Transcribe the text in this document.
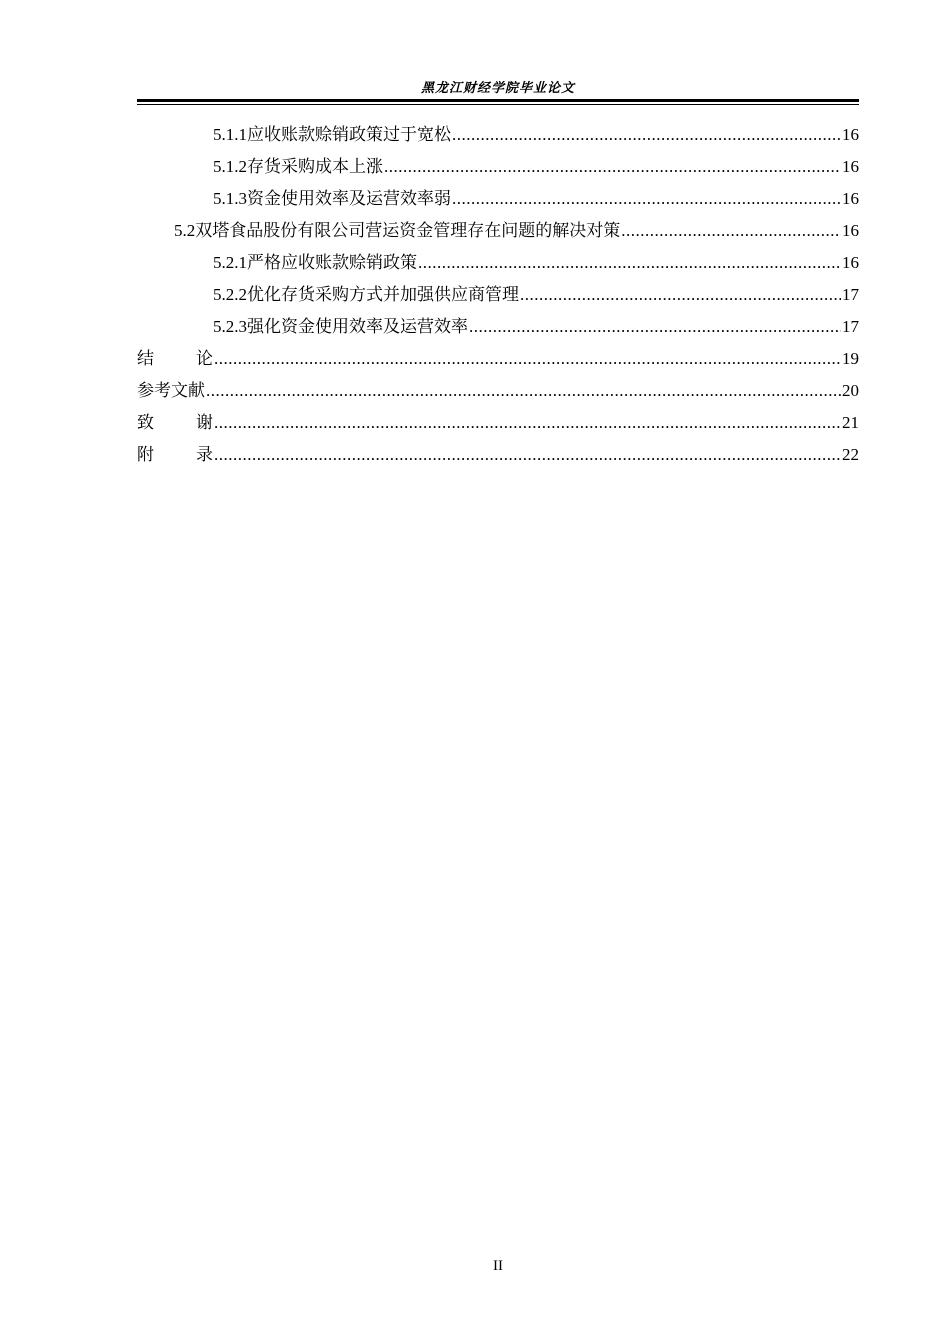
黑龙江财经学院毕业论文
5.1.1 应收账款赊销政策过于宽松 .....	16
5.1.2 存货采购成本上涨 .....	16
5.1.3 资金使用效率及运营效率弱 .....	16
5.2 双塔食品股份有限公司营运资金管理存在问题的解决对策 .....	16
5.2.1 严格应收账款赊销政策 .....	16
5.2.2 优化存货采购方式并加强供应商管理 .....	17
5.2.3 强化资金使用效率及运营效率 .....	17
结　　论 .....	19
参考文献 .....	20
致　　谢 .....	21
附　　录 .....	22
II
